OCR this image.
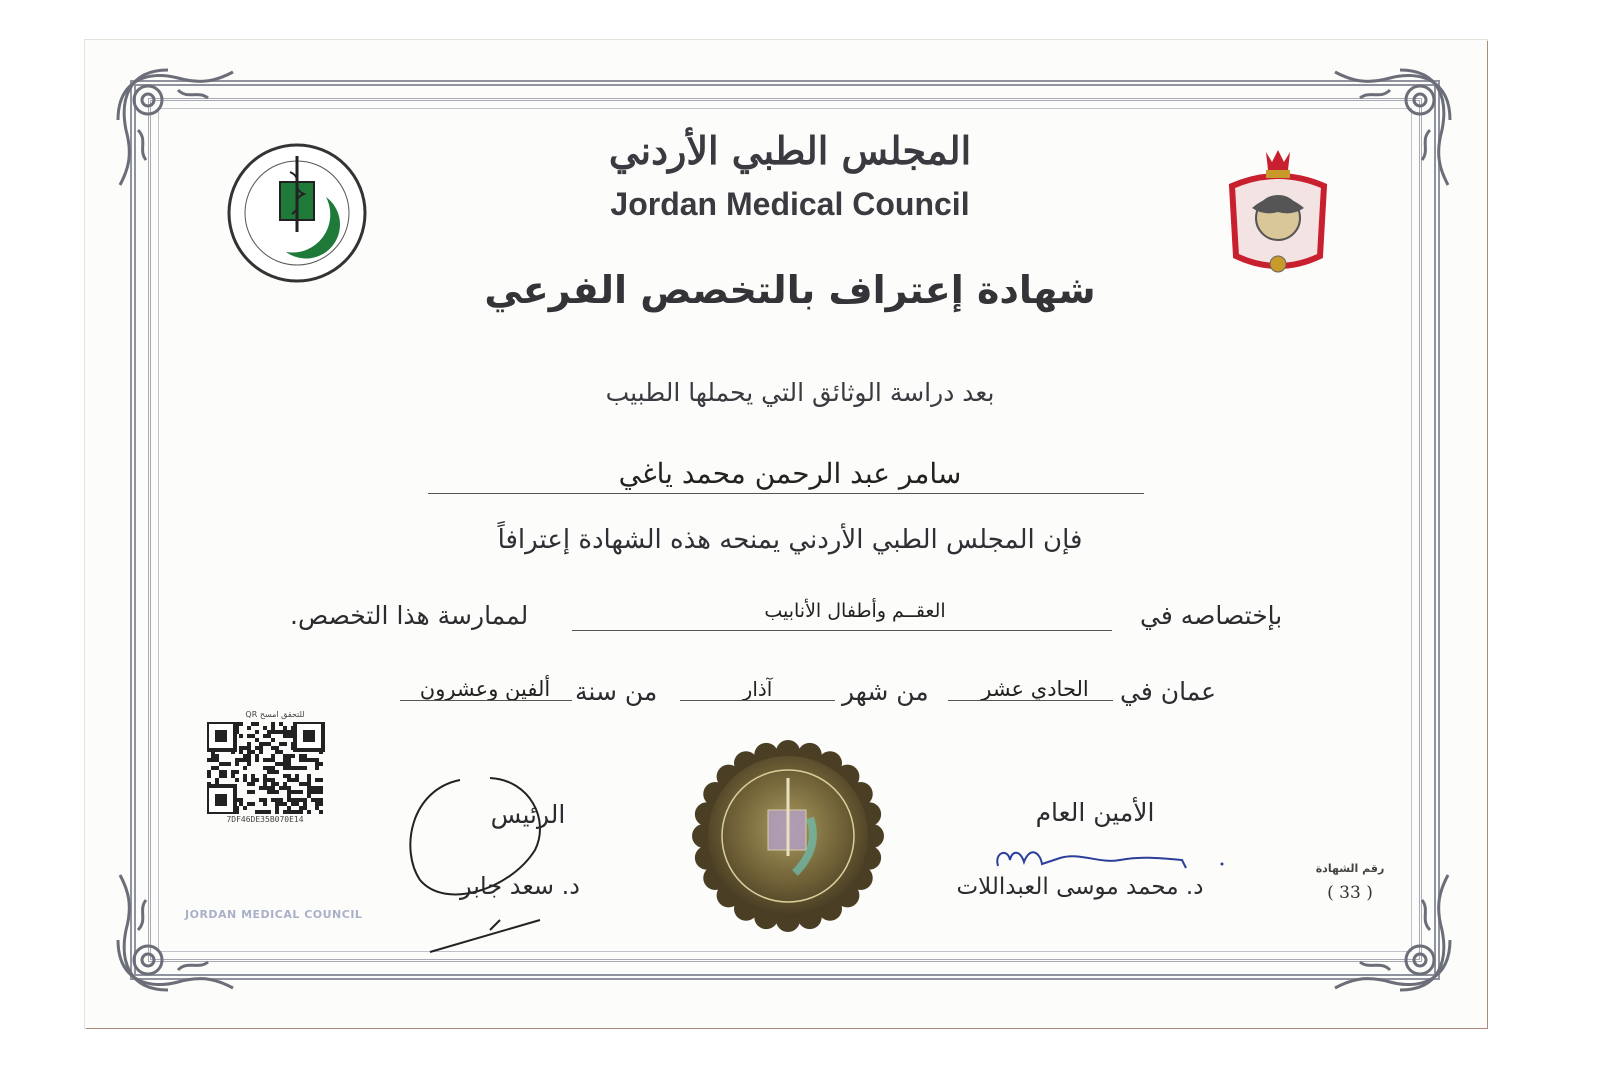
المجلس الطبي الأردني
Jordan Medical Council
شهادة إعتراف بالتخصص الفرعي
بعد دراسة الوثائق التي يحملها الطبيب
سامر عبد الرحمن محمد ياغي
فإن المجلس الطبي الأردني يمنحه هذه الشهادة إعترافاً
بإختصاصه في
العقــم وأطفال الأنابيب
لممارسة هذا التخصص.
عمان في
الحادي عشر
من شهر
آذار
من سنة
ألفين وعشرون
للتحقق امسح QR
7DF46DE35B070E14	الرئيس
د. سعد جابر
الأمين العام
د. محمد موسى العبداللات
رقم الشهادة
( 33 )
JORDAN MEDICAL COUNCIL
